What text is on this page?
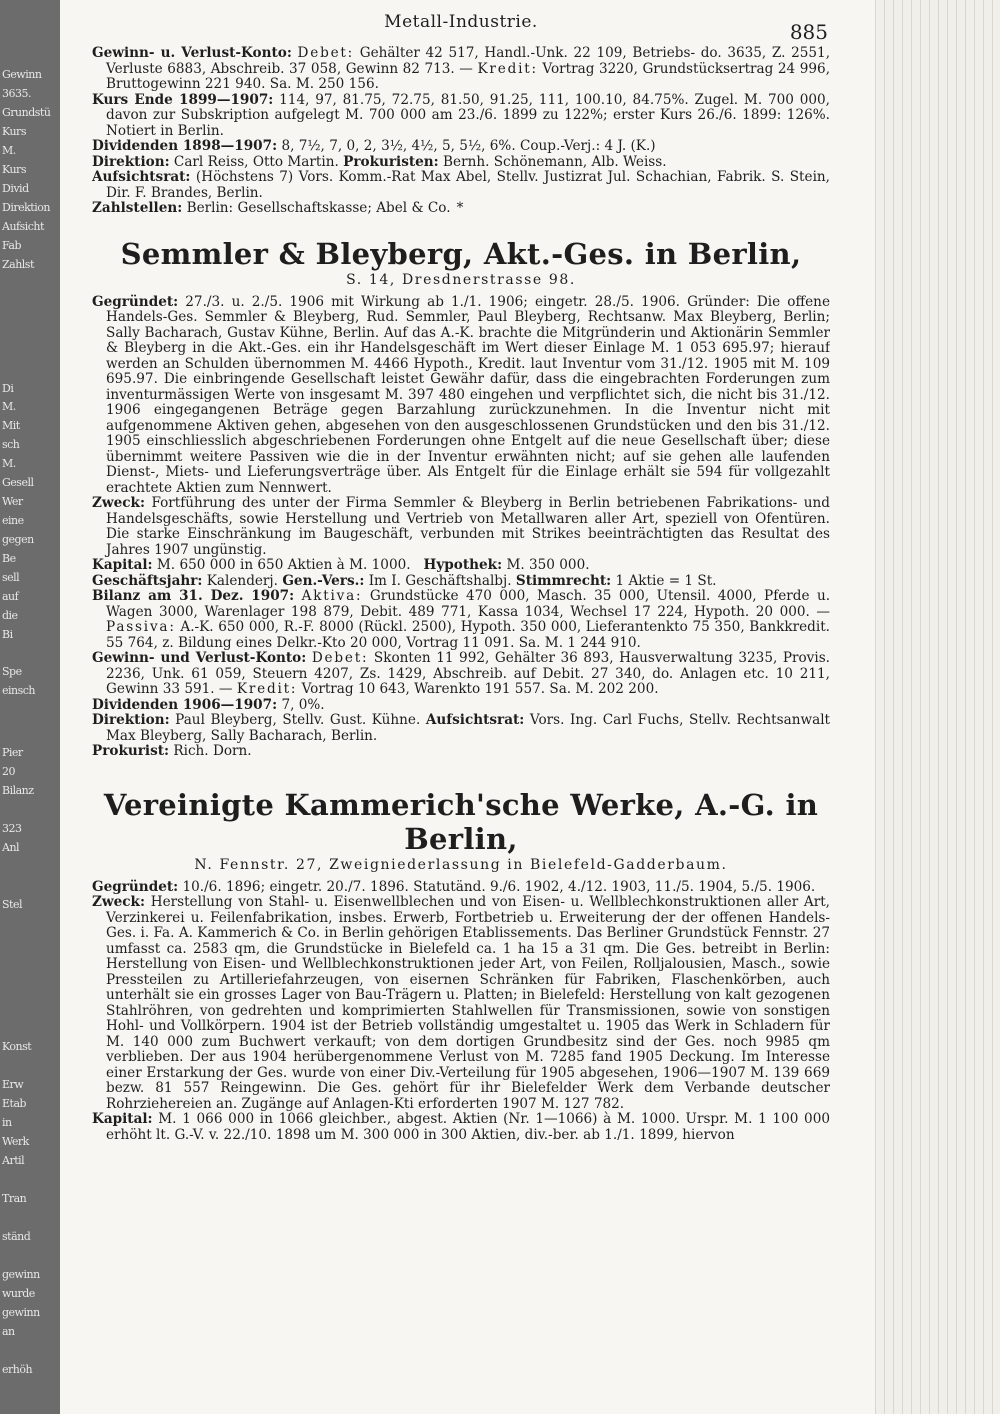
Gewinn
3635.
Grundstü
Kurs
M.
Kurs
Divid
Direktion
Aufsicht
Fab
Zahlst
Di
M.
Mit
sch
M.
Gesell
Wer
eine
gegen
Be
sell
auf
die
Bi
Spe
einsch
Pier
20
Bilanz
323
Anl
Stel
Konst
Erw
Etab
in
Werk
Artil
Tran
ständ
gewinn
wurde
gewinn
an
erhöh
Metall-Industrie.	885

Gewinn- u. Verlust-Konto: Debet: Gehälter 42 517, Handl.-Unk. 22 109, Betriebs- do. 3635, Z. 2551, Verluste 6883, Abschreib. 37 058, Gewinn 82 713. — Kredit: Vortrag 3220, Grundstücksertrag 24 996, Bruttogewinn 221 940. Sa. M. 250 156.

Kurs Ende 1899—1907: 114, 97, 81.75, 72.75, 81.50, 91.25, 111, 100.10, 84.75%. Zugel. M. 700 000, davon zur Subskription aufgelegt M. 700 000 am 23./6. 1899 zu 122%; erster Kurs 26./6. 1899: 126%. Notiert in Berlin.

Dividenden 1898—1907: 8, 7½, 7, 0, 2, 3½, 4½, 5, 5½, 6%. Coup.-Verj.: 4 J. (K.)

Direktion: Carl Reiss, Otto Martin. Prokuristen: Bernh. Schönemann, Alb. Weiss.

Aufsichtsrat: (Höchstens 7) Vors. Komm.-Rat Max Abel, Stellv. Justizrat Jul. Schachian, Fabrik. S. Stein, Dir. F. Brandes, Berlin.

Zahlstellen: Berlin: Gesellschaftskasse; Abel & Co. *

Semmler & Bleyberg, Akt.-Ges. in Berlin,

S. 14, Dresdnerstrasse 98.

Gegründet: 27./3. u. 2./5. 1906 mit Wirkung ab 1./1. 1906; eingetr. 28./5. 1906. Gründer: Die offene Handels-Ges. Semmler & Bleyberg, Rud. Semmler, Paul Bleyberg, Rechtsanw. Max Bleyberg, Berlin; Sally Bacharach, Gustav Kühne, Berlin. Auf das A.-K. brachte die Mitgründerin und Aktionärin Semmler & Bleyberg in die Akt.-Ges. ein ihr Handelsgeschäft im Wert dieser Einlage M. 1 053 695.97; hierauf werden an Schulden übernommen M. 4466 Hypoth., Kredit. laut Inventur vom 31./12. 1905 mit M. 109 695.97. Die einbringende Gesellschaft leistet Gewähr dafür, dass die eingebrachten Forderungen zum inventurmässigen Werte von insgesamt M. 397 480 eingehen und verpflichtet sich, die nicht bis 31./12. 1906 eingegangenen Beträge gegen Barzahlung zurückzunehmen. In die Inventur nicht mit aufgenommene Aktiven gehen, abgesehen von den ausgeschlossenen Grundstücken und den bis 31./12. 1905 einschliesslich abgeschriebenen Forderungen ohne Entgelt auf die neue Gesellschaft über; diese übernimmt weitere Passiven wie die in der Inventur erwähnten nicht; auf sie gehen alle laufenden Dienst-, Miets- und Lieferungsverträge über. Als Entgelt für die Einlage erhält sie 594 für vollgezahlt erachtete Aktien zum Nennwert.

Zweck: Fortführung des unter der Firma Semmler & Bleyberg in Berlin betriebenen Fabrikations- und Handelsgeschäfts, sowie Herstellung und Vertrieb von Metallwaren aller Art, speziell von Ofentüren. Die starke Einschränkung im Baugeschäft, verbunden mit Strikes beeinträchtigten das Resultat des Jahres 1907 ungünstig.

Kapital: M. 650 000 in 650 Aktien à M. 1000. Hypothek: M. 350 000.

Geschäftsjahr: Kalenderj. Gen.-Vers.: Im I. Geschäftshalbj. Stimmrecht: 1 Aktie = 1 St.

Bilanz am 31. Dez. 1907: Aktiva: Grundstücke 470 000, Masch. 35 000, Utensil. 4000, Pferde u. Wagen 3000, Warenlager 198 879, Debit. 489 771, Kassa 1034, Wechsel 17 224, Hypoth. 20 000. — Passiva: A.-K. 650 000, R.-F. 8000 (Rückl. 2500), Hypoth. 350 000, Lieferantenkto 75 350, Bankkredit. 55 764, z. Bildung eines Delkr.-Kto 20 000, Vortrag 11 091. Sa. M. 1 244 910.

Gewinn- und Verlust-Konto: Debet: Skonten 11 992, Gehälter 36 893, Hausverwaltung 3235, Provis. 2236, Unk. 61 059, Steuern 4207, Zs. 1429, Abschreib. auf Debit. 27 340, do. Anlagen etc. 10 211, Gewinn 33 591. — Kredit: Vortrag 10 643, Warenkto 191 557. Sa. M. 202 200.

Dividenden 1906—1907: 7, 0%.

Direktion: Paul Bleyberg, Stellv. Gust. Kühne. Aufsichtsrat: Vors. Ing. Carl Fuchs, Stellv. Rechtsanwalt Max Bleyberg, Sally Bacharach, Berlin.

Prokurist: Rich. Dorn.

Vereinigte Kammerich'sche Werke, A.-G. in Berlin,

N. Fennstr. 27, Zweigniederlassung in Bielefeld-Gadderbaum.

Gegründet: 10./6. 1896; eingetr. 20./7. 1896. Statutänd. 9./6. 1902, 4./12. 1903, 11./5. 1904, 5./5. 1906.

Zweck: Herstellung von Stahl- u. Eisenwellblechen und von Eisen- u. Wellblechkonstruktionen aller Art, Verzinkerei u. Feilenfabrikation, insbes. Erwerb, Fortbetrieb u. Erweiterung der der offenen Handels-Ges. i. Fa. A. Kammerich & Co. in Berlin gehörigen Etablissements. Das Berliner Grundstück Fennstr. 27 umfasst ca. 2583 qm, die Grundstücke in Bielefeld ca. 1 ha 15 a 31 qm. Die Ges. betreibt in Berlin: Herstellung von Eisen- und Wellblechkonstruktionen jeder Art, von Feilen, Rolljalousien, Masch., sowie Pressteilen zu Artilleriefahrzeugen, von eisernen Schränken für Fabriken, Flaschenkörben, auch unterhält sie ein grosses Lager von Bau-Trägern u. Platten; in Bielefeld: Herstellung von kalt gezogenen Stahlröhren, von gedrehten und komprimierten Stahlwellen für Transmissionen, sowie von sonstigen Hohl- und Vollkörpern. 1904 ist der Betrieb vollständig umgestaltet u. 1905 das Werk in Schladern für M. 140 000 zum Buchwert verkauft; von dem dortigen Grundbesitz sind der Ges. noch 9985 qm verblieben. Der aus 1904 herübergenommene Verlust von M. 7285 fand 1905 Deckung. Im Interesse einer Erstarkung der Ges. wurde von einer Div.-Verteilung für 1905 abgesehen, 1906—1907 M. 139 669 bezw. 81 557 Reingewinn. Die Ges. gehört für ihr Bielefelder Werk dem Verbande deutscher Rohrziehereien an. Zugänge auf Anlagen-Kti erforderten 1907 M. 127 782.

Kapital: M. 1 066 000 in 1066 gleichber., abgest. Aktien (Nr. 1—1066) à M. 1000. Urspr. M. 1 100 000 erhöht lt. G.-V. v. 22./10. 1898 um M. 300 000 in 300 Aktien, div.-ber. ab 1./1. 1899, hiervon
